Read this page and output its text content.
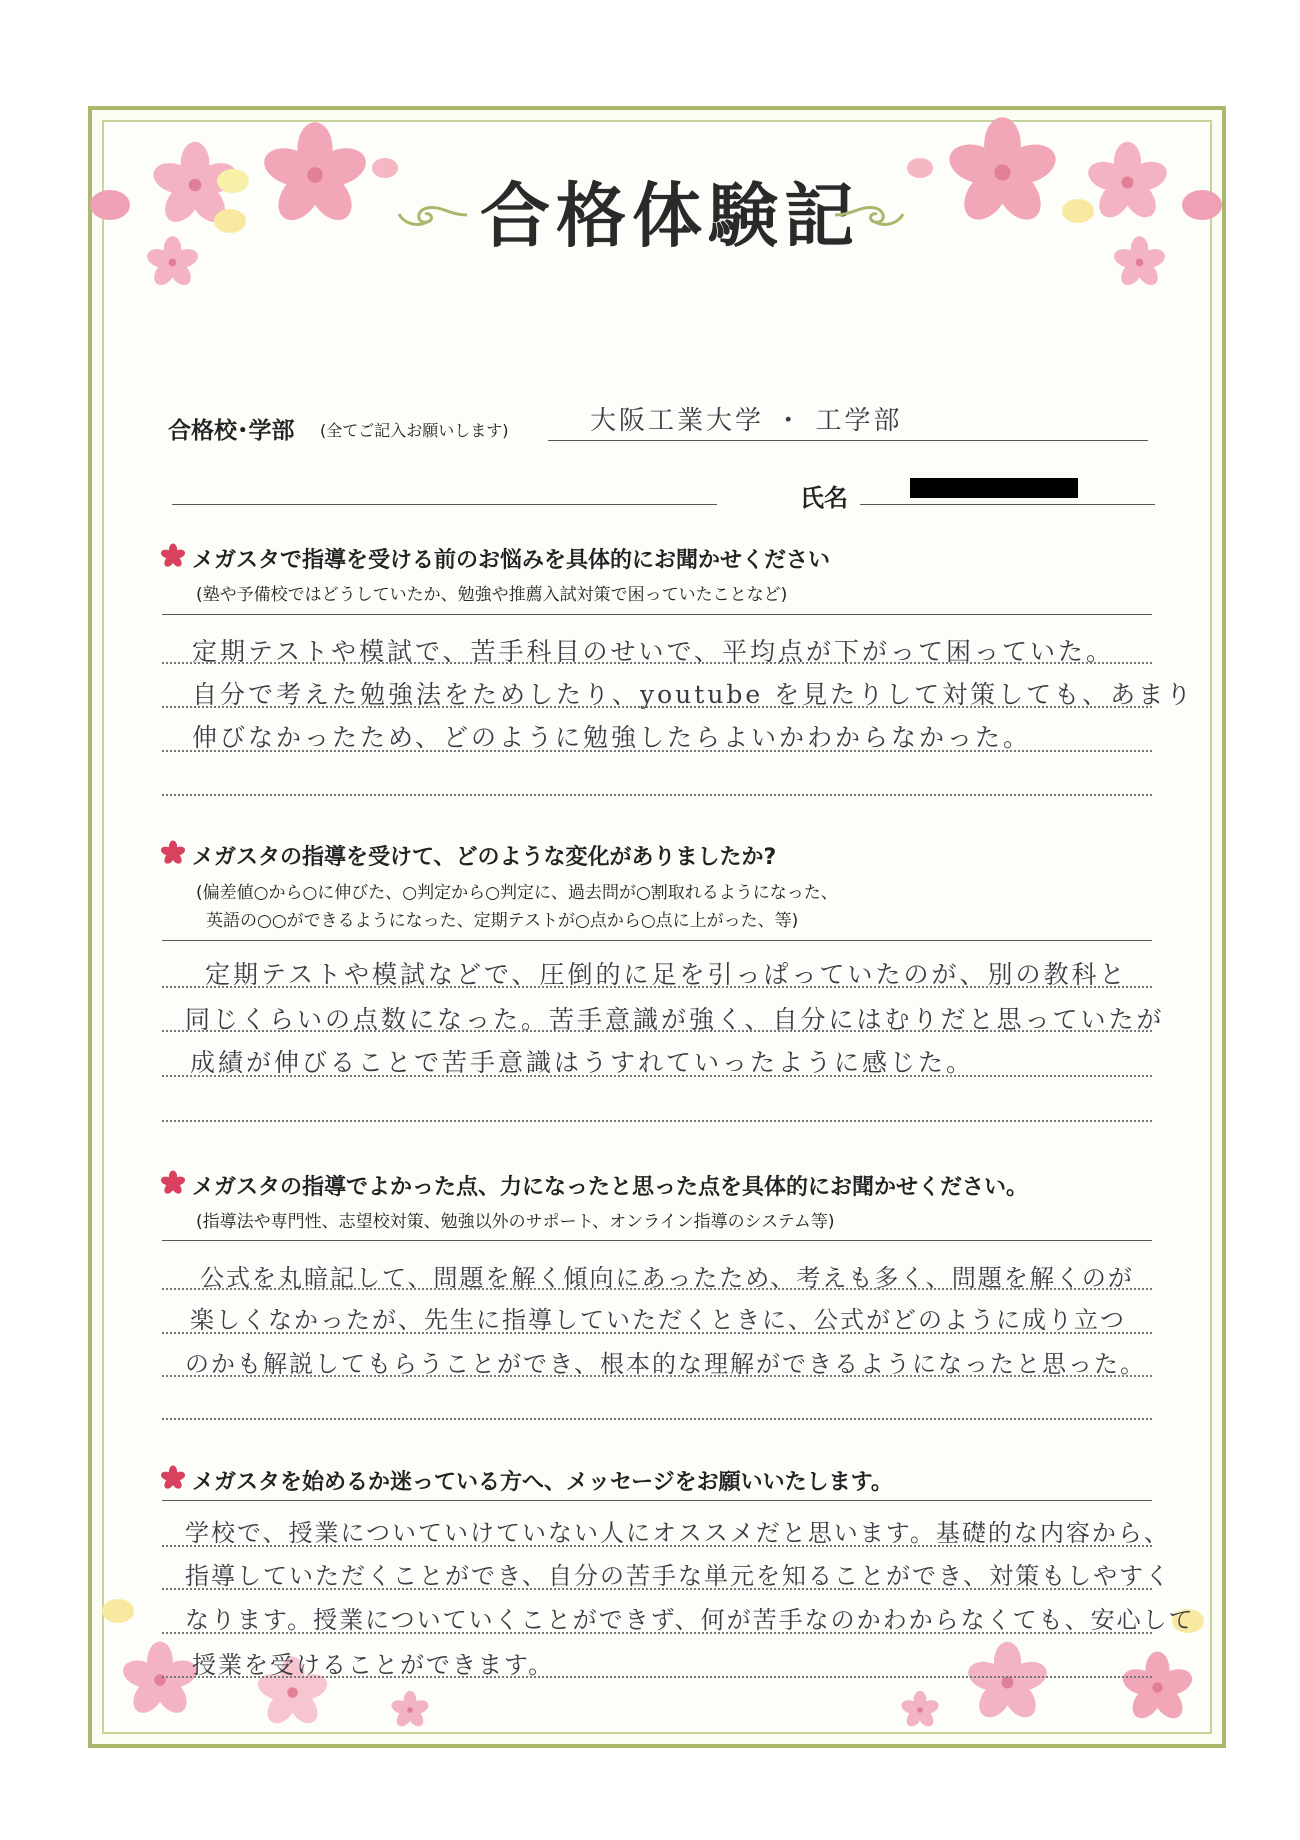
合格体験記
合格校･学部 (全てご記入お願いします)	大阪工業大学 ・ 工学部
氏名
メガスタで指導を受ける前のお悩みを具体的にお聞かせください
(塾や予備校ではどうしていたか、勉強や推薦入試対策で困っていたことなど)
定期テストや模試で、苦手科目のせいで、平均点が下がって困っていた。
自分で考えた勉強法をためしたり、youtube を見たりして対策しても、あまり
伸びなかったため、どのように勉強したらよいかわからなかった。
メガスタの指導を受けて、どのような変化がありましたか?
(偏差値○から○に伸びた、○判定から○判定に、過去問が○割取れるようになった、
英語の○○ができるようになった、定期テストが○点から○点に上がった、等)
定期テストや模試などで、圧倒的に足を引っぱっていたのが、別の教科と
同じくらいの点数になった。苦手意識が強く、自分にはむりだと思っていたが
成績が伸びることで苦手意識はうすれていったように感じた。
メガスタの指導でよかった点、力になったと思った点を具体的にお聞かせください。
(指導法や専門性、志望校対策、勉強以外のサポート、オンライン指導のシステム等)
公式を丸暗記して、問題を解く傾向にあったため、考えも多く、問題を解くのが
楽しくなかったが、先生に指導していただくときに、公式がどのように成り立つ
のかも解説してもらうことができ、根本的な理解ができるようになったと思った。
メガスタを始めるか迷っている方へ、メッセージをお願いいたします。
学校で、授業についていけていない人にオススメだと思います。基礎的な内容から、
指導していただくことができ、自分の苦手な単元を知ることができ、対策もしやすく
なります。授業についていくことができず、何が苦手なのかわからなくても、安心して
授業を受けることができます。
